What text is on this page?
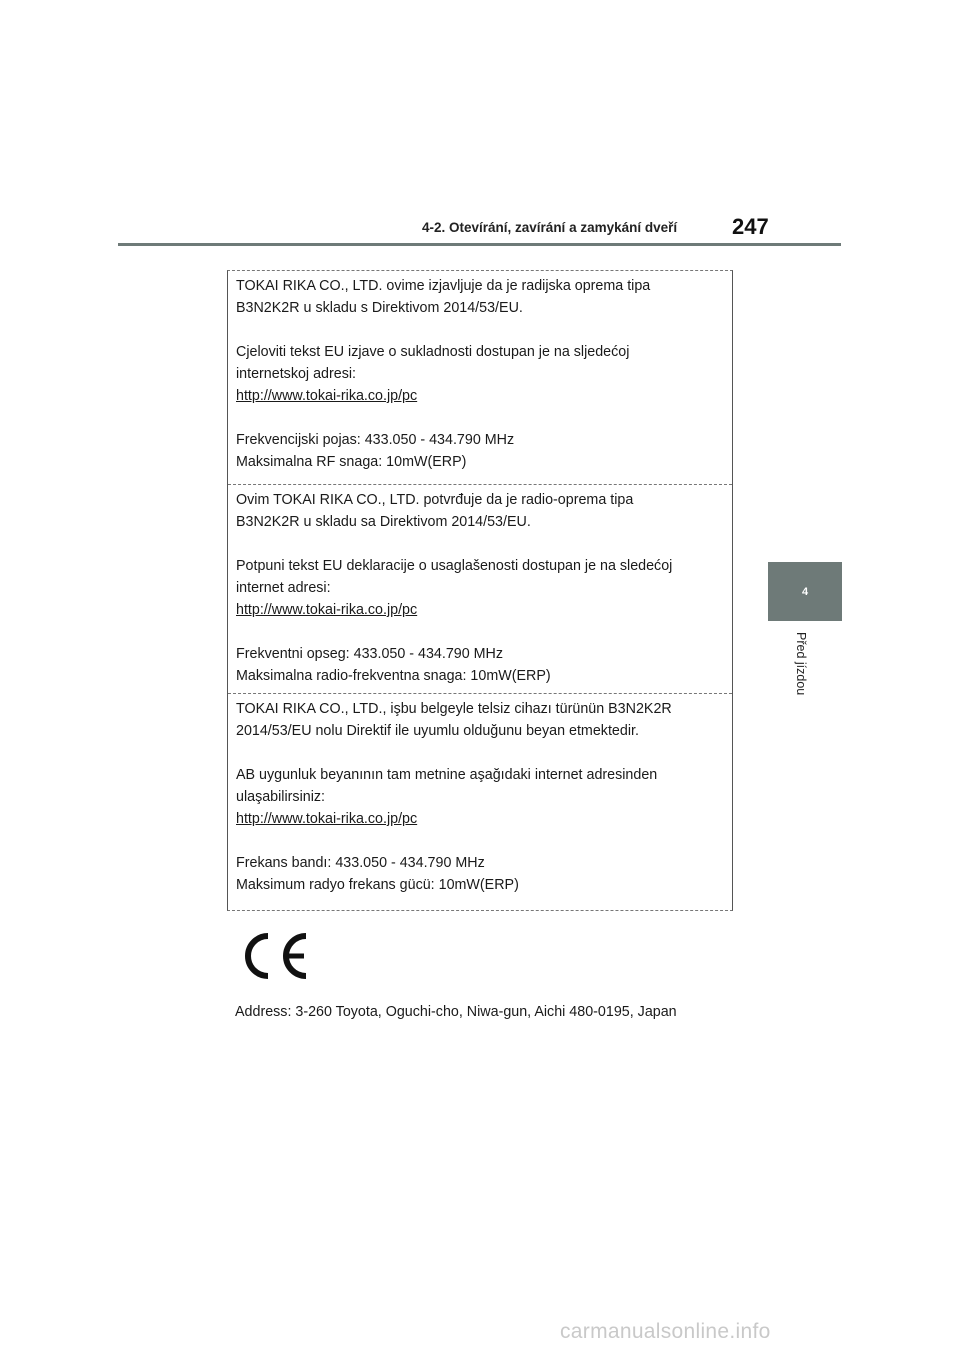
4-2. Otevírání, zavírání a zamykání dveří 247
4
Před jízdou

TOKAI RIKA CO., LTD. ovime izjavljuje da je radijska oprema tipa

B3N2K2R u skladu s Direktivom 2014/53/EU.

Cjeloviti tekst EU izjave o sukladnosti dostupan je na sljedećoj

internetskoj adresi:

http://www.tokai-rika.co.jp/pc

Frekvencijski pojas: 433.050 - 434.790 MHz

Maksimalna RF snaga: 10mW(ERP)

Ovim TOKAI RIKA CO., LTD. potvrđuje da je radio-oprema tipa

B3N2K2R u skladu sa Direktivom 2014/53/EU.

Potpuni tekst EU deklaracije o usaglašenosti dostupan je na sledećoj

internet adresi:

http://www.tokai-rika.co.jp/pc

Frekventni opseg: 433.050 - 434.790 MHz

Maksimalna radio-frekventna snaga: 10mW(ERP)

TOKAI RIKA CO., LTD., işbu belgeyle telsiz cihazı türünün B3N2K2R

2014/53/EU nolu Direktif ile uyumlu olduğunu beyan etmektedir.

AB uygunluk beyanının tam metnine aşağıdaki internet adresinden

ulaşabilirsiniz:

http://www.tokai-rika.co.jp/pc

Frekans bandı: 433.050 - 434.790 MHz

Maksimum radyo frekans gücü: 10mW(ERP)

Address: 3-260 Toyota, Oguchi-cho, Niwa-gun, Aichi 480-0195, Japan
carmanualsonline.info
